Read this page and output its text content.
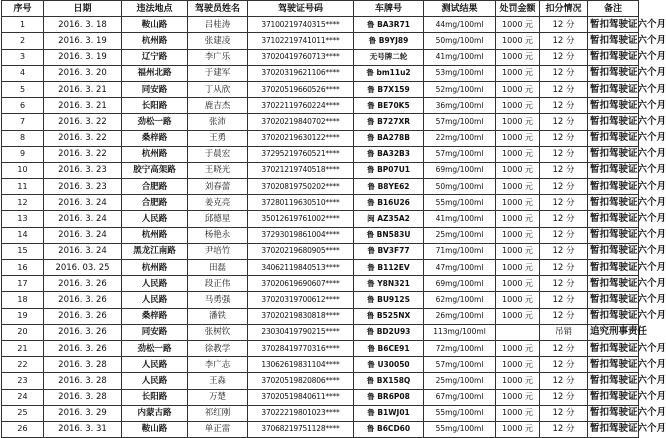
序号	日期	违法地点	驾驶员姓名	驾驶证号码	车牌号	测试结果	处罚金额	扣分情况	备注
1	2016. 3. 18	鞍山路	吕桂涛	37100219740315****	鲁 BA3R71	44mg/100ml	1000 元	12 分	暂扣驾驶证六个月
2	2016. 3. 19	杭州路	张建凌	37102219741011****	鲁 B9YJ89	50mg/100ml	1000 元	12 分	暂扣驾驶证六个月
3	2016. 3. 19	辽宁路	李广乐	37020419760713****	无号牌二轮	41mg/100ml	1000 元	12 分	暂扣驾驶证六个月
4	2016. 3. 20	福州北路	于建军	37020319621106****	鲁 bm11u2	53mg/100ml	1000 元	12 分	暂扣驾驶证六个月
5	2016. 3. 21	同安路	丁从欣	37020519660526****	鲁 B7X159	52mg/100ml	1000 元	12 分	暂扣驾驶证六个月
6	2016. 3. 21	长阳路	鹿吉杰	37022119760224****	鲁 BE70K5	36mg/100ml	1000 元	12 分	暂扣驾驶证六个月
7	2016. 3. 22	劲松一路	张沛	37020219840702****	鲁 B727XR	57mg/100ml	1000 元	12 分	暂扣驾驶证六个月
8	2016. 3. 22	桑梓路	王勇	37020219630122****	鲁 BA278B	22mg/100ml	1000 元	12 分	暂扣驾驶证六个月
9	2016. 3. 22	杭州路	于晨宏	37295219760521****	鲁 BA32B3	57mg/100ml	1000 元	12 分	暂扣驾驶证六个月
10	2016. 3. 23	胶宁高架路	王晓光	37021219740518****	鲁 BP07U1	69mg/100ml	1000 元	12 分	暂扣驾驶证六个月
11	2016. 3. 23	合肥路	刘春蕾	37020819750202****	鲁 B8YE62	50mg/100ml	1000 元	12 分	暂扣驾驶证六个月
12	2016. 3. 24	合肥路	姜克亮	37280119630510****	鲁 B16U26	55mg/100ml	1000 元	12 分	暂扣驾驶证六个月
13	2016. 3. 24	人民路	邱德星	35012619761002****	闽 AZ35A2	41mg/100ml	1000 元	12 分	暂扣驾驶证六个月
14	2016. 3. 24	杭州路	杨艳永	37293019861004****	鲁 BN583U	25mg/100ml	1000 元	12 分	暂扣驾驶证六个月
15	2016. 3. 24	黑龙江南路	尹培竹	37020219680905****	鲁 BV3F77	71mg/100ml	1000 元	12 分	暂扣驾驶证六个月
16	2016. 03. 25	杭州路	田磊	34062119840513****	鲁 B112EV	47mg/100ml	1000 元	12 分	暂扣驾驶证六个月
17	2016. 3. 26	人民路	段正伟	37020619690607****	鲁 Y8N321	69mg/100ml	1000 元	12 分	暂扣驾驶证六个月
18	2016. 3. 26	人民路	马勇强	37020319700612****	鲁 BU912S	62mg/100ml	1000 元	12 分	暂扣驾驶证六个月
19	2016. 3. 26	桑梓路	潘铁	37020219830818****	鲁 B525NX	26mg/100ml	1000 元	12 分	暂扣驾驶证六个月
20	2016. 3. 26	同安路	张树钦	23030419790215****	鲁 BD2U93	113mg/100ml		吊销	追究刑事责任
21	2016. 3. 26	劲松一路	徐教学	37028419770316****	鲁 B6CE91	72mg/100ml	1000 元	12 分	暂扣驾驶证六个月
22	2016. 3. 28	人民路	李广志	13062619831104****	鲁 U30050	57mg/100ml	1000 元	12 分	暂扣驾驶证六个月
23	2016. 3. 28	人民路	王淼	37020519820806****	鲁 BX158Q	25mg/100ml	1000 元	12 分	暂扣驾驶证六个月
24	2016. 3. 28	长阳路	万楚	37020519840611****	鲁 BR6P08	67mg/100ml	1000 元	12 分	暂扣驾驶证六个月
25	2016. 3. 29	内蒙古路	祁红刚	37022219801023****	鲁 B1WJ01	55mg/100ml	1000 元	12 分	暂扣驾驶证六个月
26	2016. 3. 31	鞍山路	单正雷	37068219751128****	鲁 B6CD60	55mg/100ml	1000 元	12 分	暂扣驾驶证六个月
